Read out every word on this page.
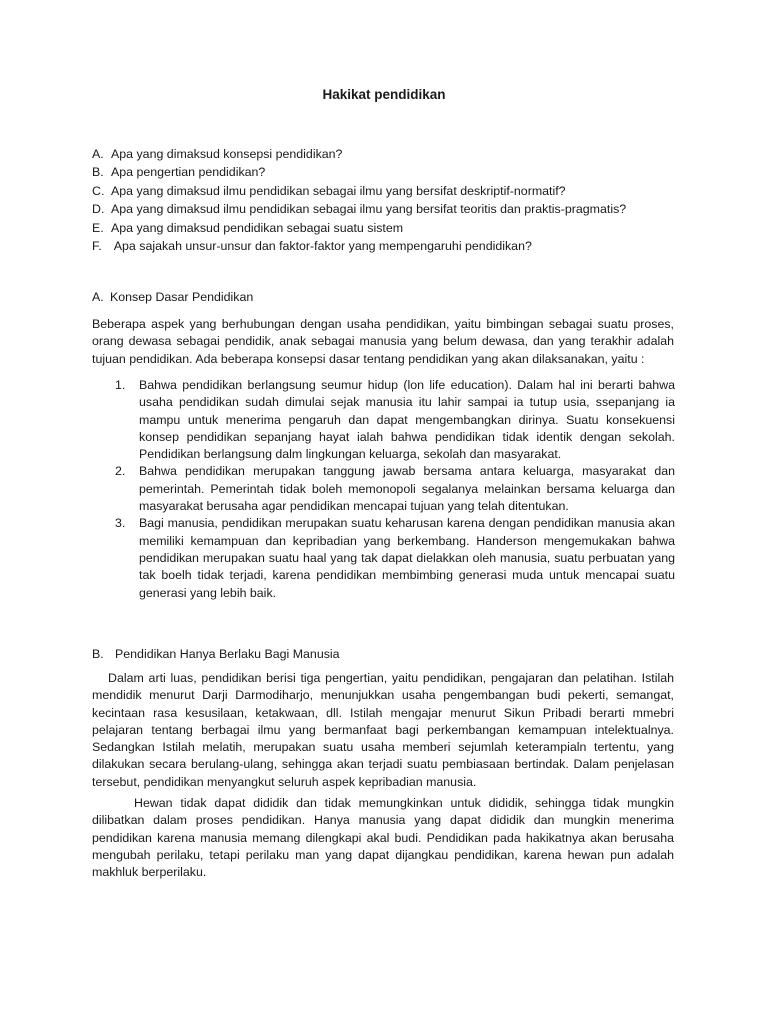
Hakikat pendidikan
A. Apa yang dimaksud konsepsi pendidikan?
B. Apa pengertian pendidikan?
C. Apa yang dimaksud ilmu pendidikan sebagai ilmu yang bersifat deskriptif-normatif?
D. Apa yang dimaksud ilmu pendidikan sebagai ilmu yang bersifat teoritis dan praktis-pragmatis?
E. Apa yang dimaksud pendidikan sebagai suatu sistem
F. Apa sajakah unsur-unsur dan faktor-faktor yang mempengaruhi pendidikan?
A. Konsep Dasar Pendidikan

Beberapa aspek yang berhubungan dengan usaha pendidikan, yaitu bimbingan sebagai suatu proses, orang dewasa sebagai pendidik, anak sebagai manusia yang belum dewasa, dan yang terakhir adalah tujuan pendidikan. Ada beberapa konsepsi dasar tentang pendidikan yang akan dilaksanakan, yaitu :

1. Bahwa pendidikan berlangsung seumur hidup (lon life education). Dalam hal ini berarti bahwa usaha pendidikan sudah dimulai sejak manusia itu lahir sampai ia tutup usia, ssepanjang ia mampu untuk menerima pengaruh dan dapat mengembangkan dirinya. Suatu konsekuensi konsep pendidikan sepanjang hayat ialah bahwa pendidikan tidak identik dengan sekolah. Pendidikan berlangsung dalm lingkungan keluarga, sekolah dan masyarakat.
2. Bahwa pendidikan merupakan tanggung jawab bersama antara keluarga, masyarakat dan pemerintah. Pemerintah tidak boleh memonopoli segalanya melainkan bersama keluarga dan masyarakat berusaha agar pendidikan mencapai tujuan yang telah ditentukan.
3. Bagi manusia, pendidikan merupakan suatu keharusan karena dengan pendidikan manusia akan memiliki kemampuan dan kepribadian yang berkembang. Handerson mengemukakan bahwa pendidikan merupakan suatu haal yang tak dapat dielakkan oleh manusia, suatu perbuatan yang tak boelh tidak terjadi, karena pendidikan membimbing generasi muda untuk mencapai suatu generasi yang lebih baik.
B. Pendidikan Hanya Berlaku Bagi Manusia

Dalam arti luas, pendidikan berisi tiga pengertian, yaitu pendidikan, pengajaran dan pelatihan. Istilah mendidik menurut Darji Darmodiharjo, menunjukkan usaha pengembangan budi pekerti, semangat, kecintaan rasa kesusilaan, ketakwaan, dll. Istilah mengajar menurut Sikun Pribadi berarti mmebri pelajaran tentang berbagai ilmu yang bermanfaat bagi perkembangan kemampuan intelektualnya. Sedangkan Istilah melatih, merupakan suatu usaha memberi sejumlah keterampialn tertentu, yang dilakukan secara berulang-ulang, sehingga akan terjadi suatu pembiasaan bertindak. Dalam penjelasan tersebut, pendidikan menyangkut seluruh aspek kepribadian manusia.

Hewan tidak dapat dididik dan tidak memungkinkan untuk dididik, sehingga tidak mungkin dilibatkan dalam proses pendidikan. Hanya manusia yang dapat dididik dan mungkin menerima pendidikan karena manusia memang dilengkapi akal budi. Pendidikan pada hakikatnya akan berusaha mengubah perilaku, tetapi perilaku man yang dapat dijangkau pendidikan, karena hewan pun adalah makhluk berperilaku.
